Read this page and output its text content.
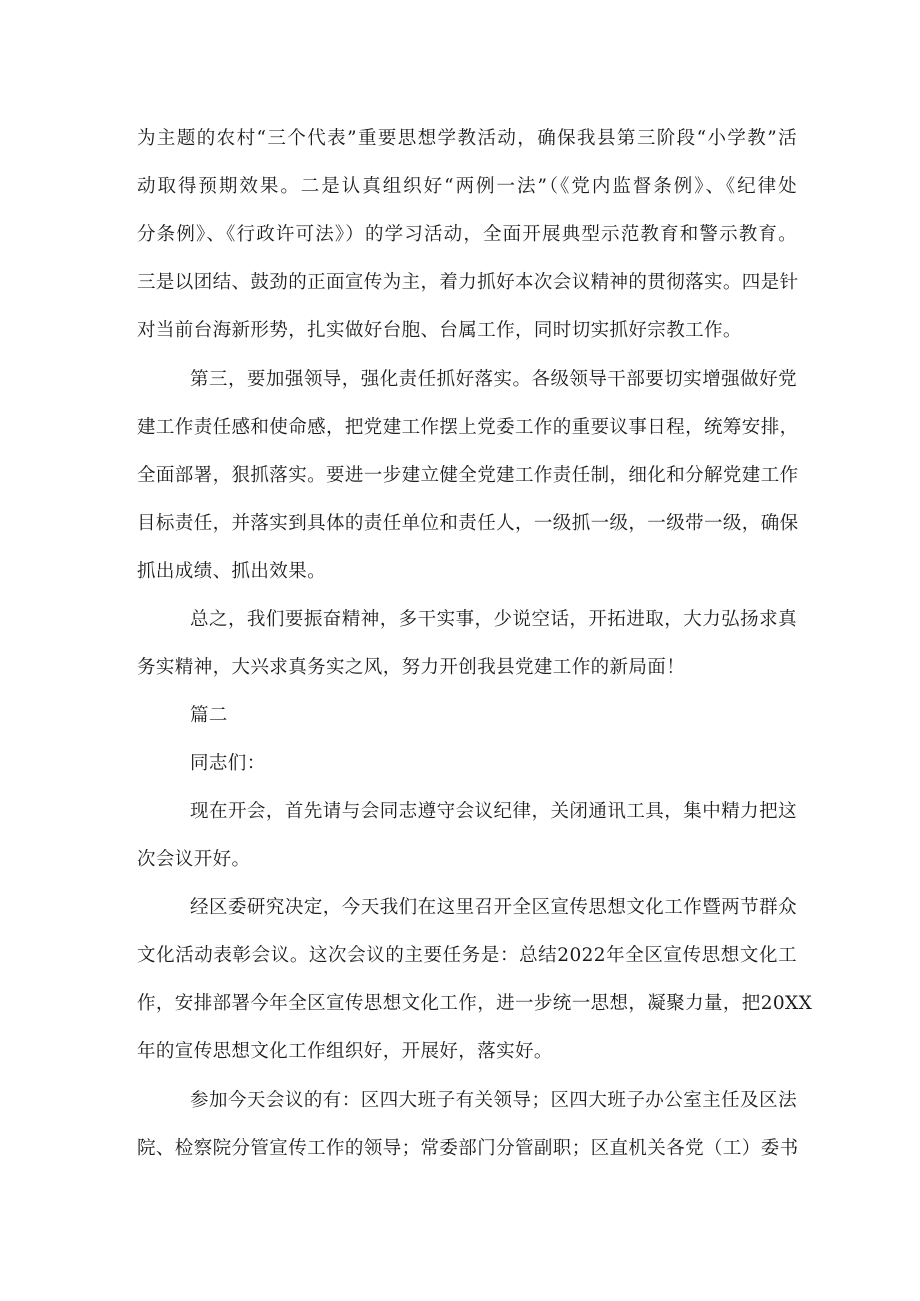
为主题的农村“三个代表”重要思想学教活动，确保我县第三阶段“小学教”活
动取得预期效果。二是认真组织好“两例一法”（《党内监督条例》、《纪律处
分条例》、《行政许可法》）的学习活动，全面开展典型示范教育和警示教育。
三是以团结、鼓劲的正面宣传为主，着力抓好本次会议精神的贯彻落实。四是针
对当前台海新形势，扎实做好台胞、台属工作，同时切实抓好宗教工作。
第三，要加强领导，强化责任抓好落实。各级领导干部要切实增强做好党
建工作责任感和使命感，把党建工作摆上党委工作的重要议事日程，统筹安排，
全面部署，狠抓落实。要进一步建立健全党建工作责任制，细化和分解党建工作
目标责任，并落实到具体的责任单位和责任人，一级抓一级，一级带一级，确保
抓出成绩、抓出效果。
总之，我们要振奋精神，多干实事，少说空话，开拓进取，大力弘扬求真
务实精神，大兴求真务实之风，努力开创我县党建工作的新局面！
篇二
同志们：
现在开会，首先请与会同志遵守会议纪律，关闭通讯工具，集中精力把这
次会议开好。
经区委研究决定，今天我们在这里召开全区宣传思想文化工作暨两节群众
文化活动表彰会议。这次会议的主要任务是：总结2022年全区宣传思想文化工
作，安排部署今年全区宣传思想文化工作，进一步统一思想，凝聚力量，把20XX
年的宣传思想文化工作组织好，开展好，落实好。
参加今天会议的有：区四大班子有关领导；区四大班子办公室主任及区法
院、检察院分管宣传工作的领导；常委部门分管副职；区直机关各党（工）委书
